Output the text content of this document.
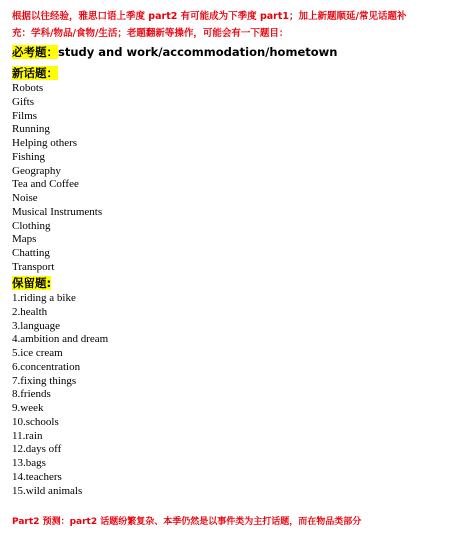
根据以往经验，雅思口语上季度 part2 有可能成为下季度 part1；加上新题顺延/常见话题补
充：学科/物品/食物/生活；老题翻新等操作，可能会有一下题目：
必考题：study and work/accommodation/hometown
新话题：
Robots
Gifts
Films
Running
Helping others
Fishing
Geography
Tea and Coffee
Noise
Musical Instruments
Clothing
Maps
Chatting
Transport
保留题:
1.riding a bike
2.health
3.language
4.ambition and dream
5.ice cream
6.concentration
7.fixing things
8.friends
9.week
10.schools
11.rain
12.days off
13.bags
14.teachers
15.wild animals
Part2 预测：part2 话题纷繁复杂、本季仍然是以事件类为主打话题，而在物品类部分
